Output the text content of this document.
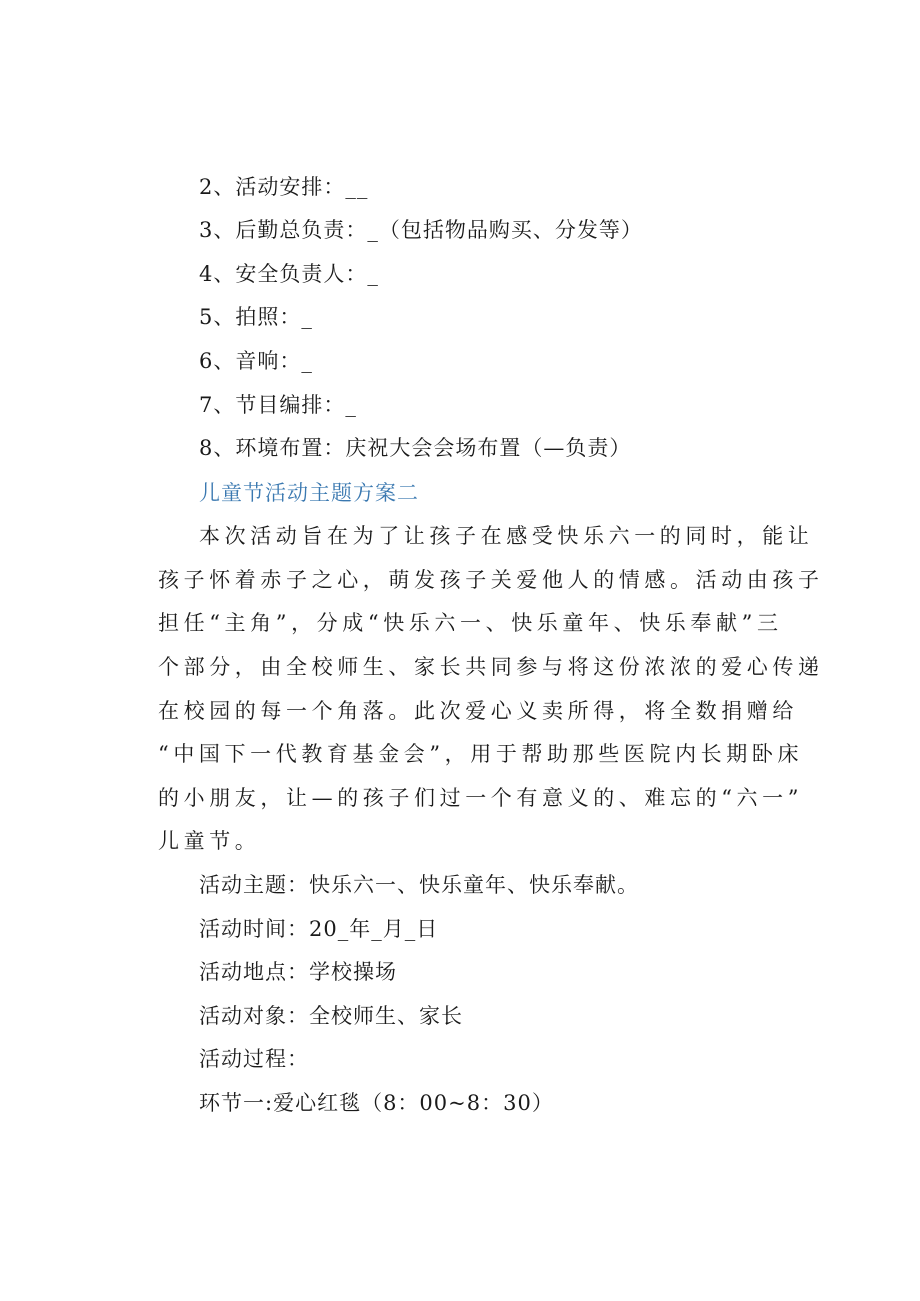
2、活动安排：__
3、后勤总负责：_（包括物品购买、分发等）
4、安全负责人：_
5、拍照：_
6、音响：_
7、节目编排：_
8、环境布置：庆祝大会会场布置（—负责）
儿童节活动主题方案二
本次活动旨在为了让孩子在感受快乐六一的同时，能让
孩子怀着赤子之心，萌发孩子关爱他人的情感。活动由孩子
担任“主角”，分成“快乐六一、快乐童年、快乐奉献”三
个部分，由全校师生、家长共同参与将这份浓浓的爱心传递
在校园的每一个角落。此次爱心义卖所得，将全数捐赠给
“中国下一代教育基金会”，用于帮助那些医院内长期卧床
的小朋友，让—的孩子们过一个有意义的、难忘的“六一”
儿童节。
活动主题：快乐六一、快乐童年、快乐奉献。
活动时间：20_年_月_日
活动地点：学校操场
活动对象：全校师生、家长
活动过程：
环节一:爱心红毯（8：00~8：30）
